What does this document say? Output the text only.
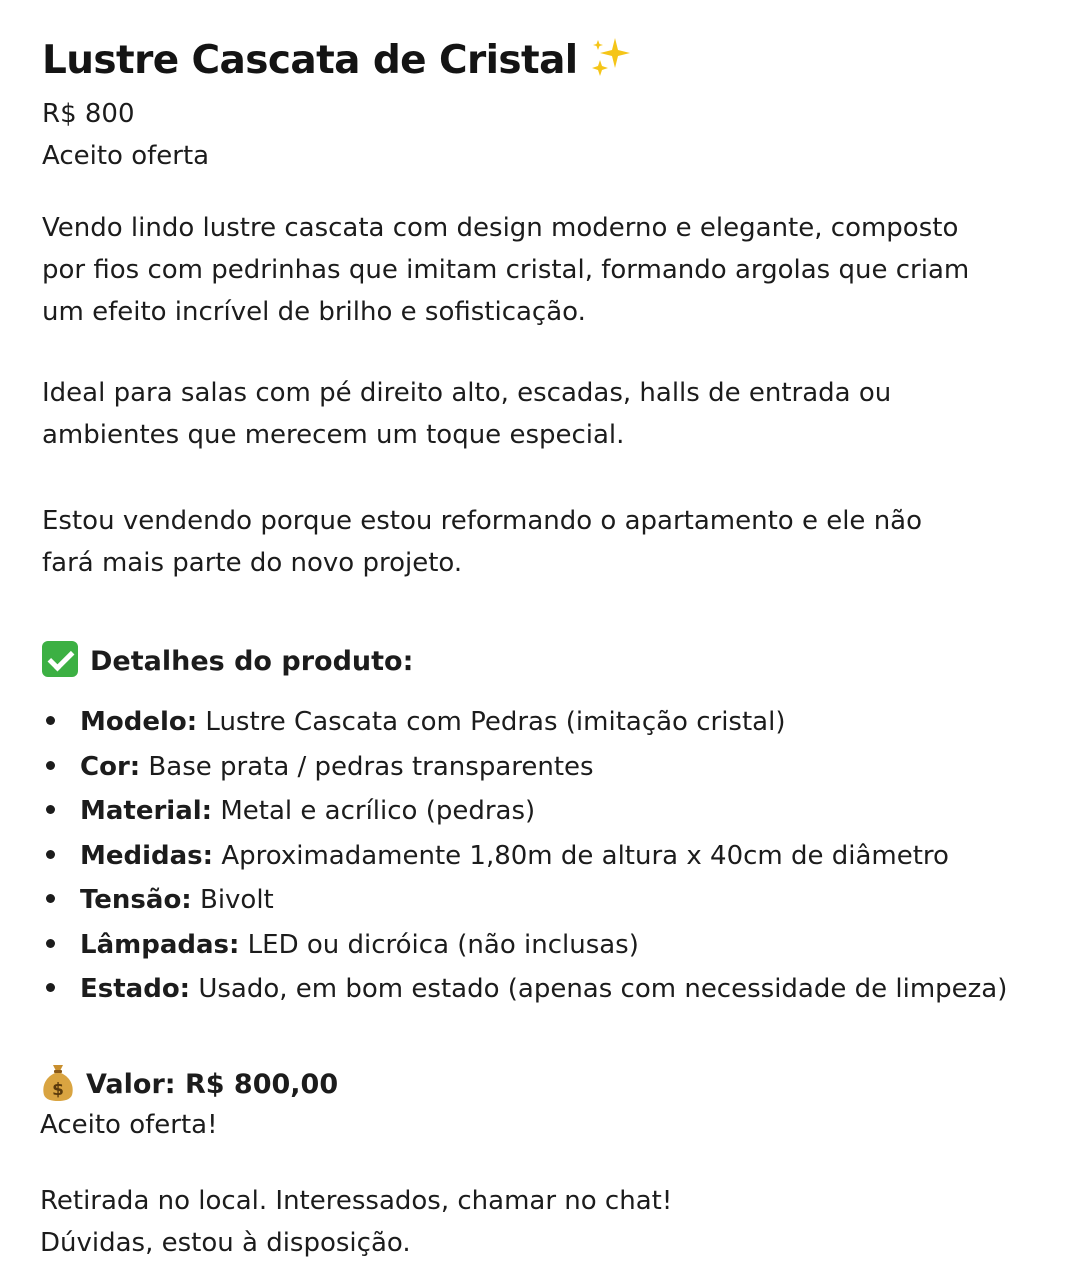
Lustre Cascata de Cristal
R$ 800
Aceito oferta
Vendo lindo lustre cascata com design moderno e elegante, composto
por fios com pedrinhas que imitam cristal, formando argolas que criam
um efeito incrível de brilho e sofisticação.
Ideal para salas com pé direito alto, escadas, halls de entrada ou
ambientes que merecem um toque especial.
Estou vendendo porque estou reformando o apartamento e ele não
fará mais parte do novo projeto.
Detalhes do produto:
Modelo: Lustre Cascata com Pedras (imitação cristal)
Cor: Base prata / pedras transparentes
Material: Metal e acrílico (pedras)
Medidas: Aproximadamente 1,80m de altura x 40cm de diâmetro
Tensão: Bivolt
Lâmpadas: LED ou dicróica (não inclusas)
Estado: Usado, em bom estado (apenas com necessidade de limpeza)
$ Valor: R$ 800,00
Aceito oferta!
Retirada no local. Interessados, chamar no chat!
Dúvidas, estou à disposição.
